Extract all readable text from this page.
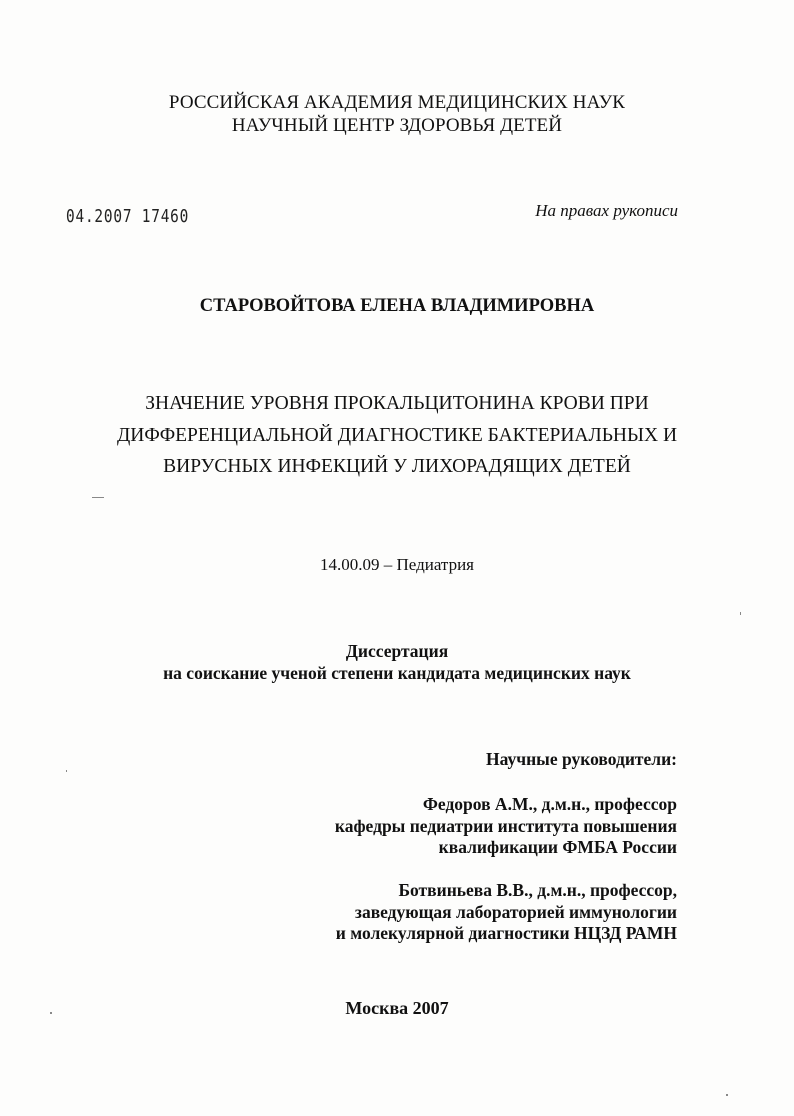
РОССИЙСКАЯ АКАДЕМИЯ МЕДИЦИНСКИХ НАУК
НАУЧНЫЙ ЦЕНТР ЗДОРОВЬЯ ДЕТЕЙ
04.2007 17460	На правах рукописи
СТАРОВОЙТОВА ЕЛЕНА ВЛАДИМИРОВНА
ЗНАЧЕНИЕ УРОВНЯ ПРОКАЛЬЦИТОНИНА КРОВИ ПРИ
ДИФФЕРЕНЦИАЛЬНОЙ ДИАГНОСТИКЕ БАКТЕРИАЛЬНЫХ И
ВИРУСНЫХ ИНФЕКЦИЙ У ЛИХОРАДЯЩИХ ДЕТЕЙ
14.00.09 – Педиатрия
Диссертация
на соискание ученой степени кандидата медицинских наук
Научные руководители:
Федоров А.М., д.м.н., профессор
кафедры педиатрии института повышения
квалификации ФМБА России
Ботвиньева В.В., д.м.н., профессор,
заведующая лабораторией иммунологии
и молекулярной диагностики НЦЗД РАМН
Москва 2007
